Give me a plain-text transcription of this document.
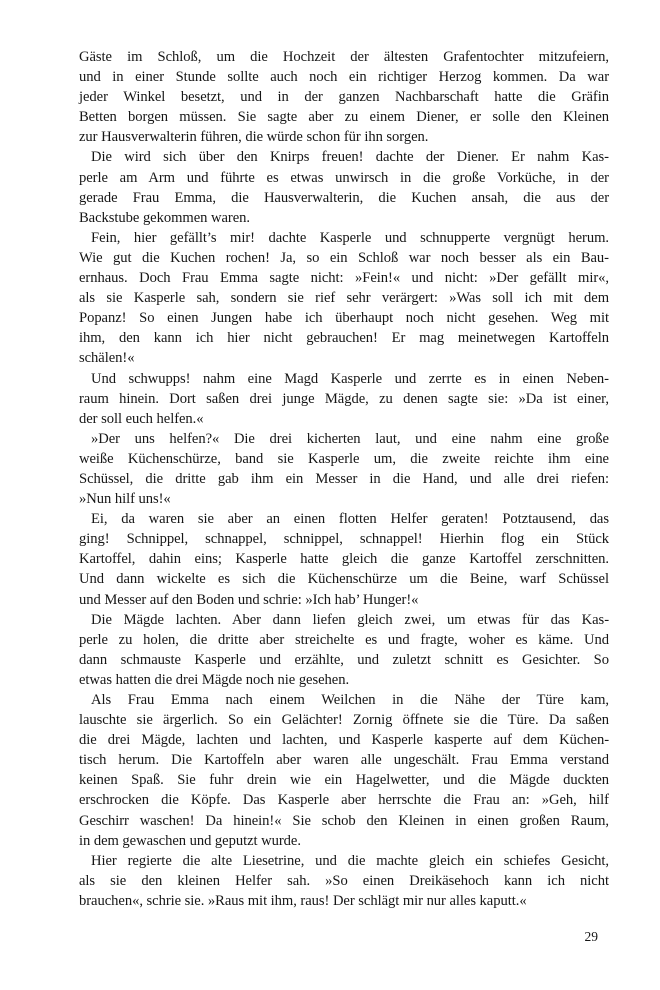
Gäste im Schloß, um die Hochzeit der ältesten Grafentochter mitzufeiern,
und in einer Stunde sollte auch noch ein richtiger Herzog kommen. Da war
jeder Winkel besetzt, und in der ganzen Nachbarschaft hatte die Gräfin
Betten borgen müssen. Sie sagte aber zu einem Diener, er solle den Kleinen
zur Hausverwalterin führen, die würde schon für ihn sorgen.
Die wird sich über den Knirps freuen! dachte der Diener. Er nahm Kas-
perle am Arm und führte es etwas unwirsch in die große Vorküche, in der
gerade Frau Emma, die Hausverwalterin, die Kuchen ansah, die aus der
Backstube gekommen waren.
Fein, hier gefällt’s mir! dachte Kasperle und schnupperte vergnügt herum.
Wie gut die Kuchen rochen! Ja, so ein Schloß war noch besser als ein Bau-
ernhaus. Doch Frau Emma sagte nicht: »Fein!« und nicht: »Der gefällt mir«,
als sie Kasperle sah, sondern sie rief sehr verärgert: »Was soll ich mit dem
Popanz! So einen Jungen habe ich überhaupt noch nicht gesehen. Weg mit
ihm, den kann ich hier nicht gebrauchen! Er mag meinetwegen Kartoffeln
schälen!«
Und schwupps! nahm eine Magd Kasperle und zerrte es in einen Neben-
raum hinein. Dort saßen drei junge Mägde, zu denen sagte sie: »Da ist einer,
der soll euch helfen.«
»Der uns helfen?« Die drei kicherten laut, und eine nahm eine große
weiße Küchenschürze, band sie Kasperle um, die zweite reichte ihm eine
Schüssel, die dritte gab ihm ein Messer in die Hand, und alle drei riefen:
»Nun hilf uns!«
Ei, da waren sie aber an einen flotten Helfer geraten! Potztausend, das
ging! Schnippel, schnappel, schnippel, schnappel! Hierhin flog ein Stück
Kartoffel, dahin eins; Kasperle hatte gleich die ganze Kartoffel zerschnitten.
Und dann wickelte es sich die Küchenschürze um die Beine, warf Schüssel
und Messer auf den Boden und schrie: »Ich hab’ Hunger!«
Die Mägde lachten. Aber dann liefen gleich zwei, um etwas für das Kas-
perle zu holen, die dritte aber streichelte es und fragte, woher es käme. Und
dann schmauste Kasperle und erzählte, und zuletzt schnitt es Gesichter. So
etwas hatten die drei Mägde noch nie gesehen.
Als Frau Emma nach einem Weilchen in die Nähe der Türe kam,
lauschte sie ärgerlich. So ein Gelächter! Zornig öffnete sie die Türe. Da saßen
die drei Mägde, lachten und lachten, und Kasperle kasperte auf dem Küchen-
tisch herum. Die Kartoffeln aber waren alle ungeschält. Frau Emma verstand
keinen Spaß. Sie fuhr drein wie ein Hagelwetter, und die Mägde duckten
erschrocken die Köpfe. Das Kasperle aber herrschte die Frau an: »Geh, hilf
Geschirr waschen! Da hinein!« Sie schob den Kleinen in einen großen Raum,
in dem gewaschen und geputzt wurde.
Hier regierte die alte Liesetrine, und die machte gleich ein schiefes Gesicht,
als sie den kleinen Helfer sah. »So einen Dreikäsehoch kann ich nicht
brauchen«, schrie sie. »Raus mit ihm, raus! Der schlägt mir nur alles kaputt.«
29
